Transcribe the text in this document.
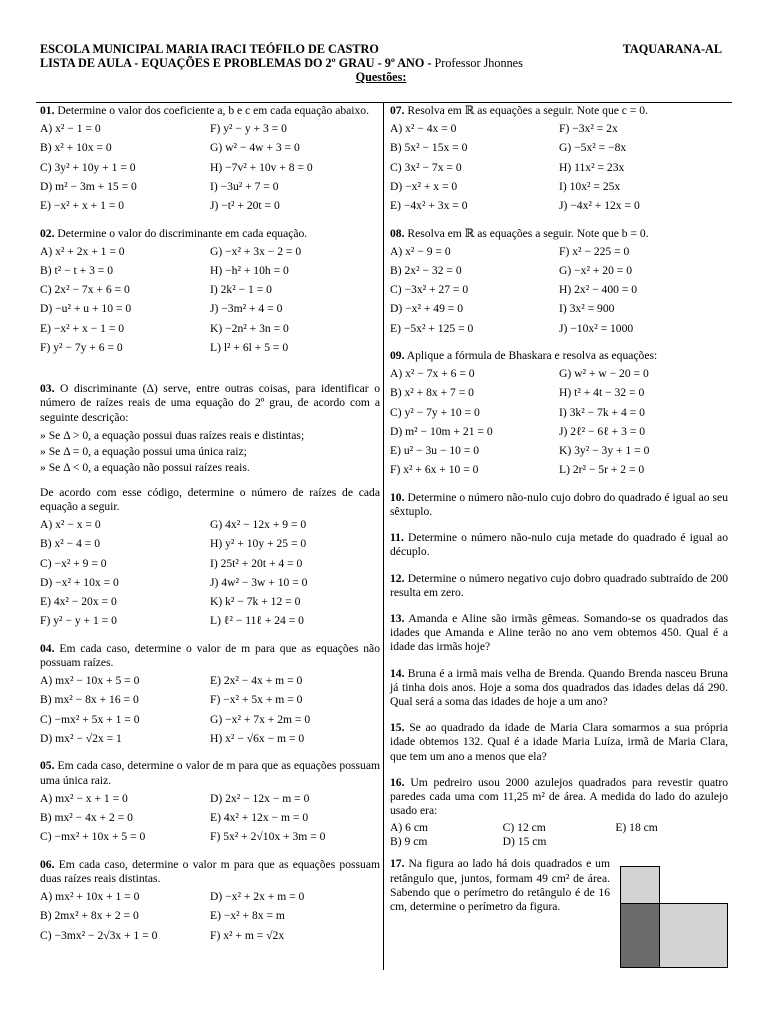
ESCOLA MUNICIPAL MARIA IRACI TEÓFILO DE CASTRO	TAQUARANA-AL
LISTA DE AULA - EQUAÇÕES E PROBLEMAS DO 2º GRAU - 9º ANO - Professor Jhonnes
Questões:
01. Determine o valor dos coeficiente a, b e c em cada equação abaixo.
A) x² − 1 = 0	F) y² − y + 3 = 0
B) x² + 10x = 0	G) w² − 4w + 3 = 0
C) 3y² + 10y + 1 = 0	H) −7v² + 10v + 8 = 0
D) m² − 3m + 15 = 0	I) −3u² + 7 = 0
E) −x² + x + 1 = 0	J) −t² + 20t = 0
02. Determine o valor do discriminante em cada equação.
A) x² + 2x + 1 = 0	G) −x² + 3x − 2 = 0
B) t² − t + 3 = 0	H) −h² + 10h = 0
C) 2x² − 7x + 6 = 0	I) 2k² − 1 = 0
D) −u² + u + 10 = 0	J) −3m² + 4 = 0
E) −x² + x − 1 = 0	K) −2n² + 3n = 0
F) y² − 7y + 6 = 0	L) l² + 6l + 5 = 0
03. O discriminante (Δ) serve, entre outras coisas, para identificar o número de raízes reais de uma equação do 2º grau, de acordo com a seguinte descrição:
» Se Δ > 0, a equação possui duas raízes reais e distintas;
» Se Δ = 0, a equação possui uma única raiz;
» Se Δ < 0, a equação não possui raízes reais.
De acordo com esse código, determine o número de raízes de cada equação a seguir.
A) x² − x = 0	G) 4x² − 12x + 9 = 0
B) x² − 4 = 0	H) y² + 10y + 25 = 0
C) −x² + 9 = 0	I) 25t² + 20t + 4 = 0
D) −x² + 10x = 0	J) 4w² − 3w + 10 = 0
E) 4x² − 20x = 0	K) k² − 7k + 12 = 0
F) y² − y + 1 = 0	L) ℓ² − 11ℓ + 24 = 0
04. Em cada caso, determine o valor de m para que as equações não possuam raízes.
A) mx² − 10x + 5 = 0	E) 2x² − 4x + m = 0
B) mx² − 8x + 16 = 0	F) −x² + 5x + m = 0
C) −mx² + 5x + 1 = 0	G) −x² + 7x + 2m = 0
D) mx² − √2x = 1	H) x² − √6x − m = 0
05. Em cada caso, determine o valor de m para que as equações possuam uma única raiz.
A) mx² − x + 1 = 0	D) 2x² − 12x − m = 0
B) mx² − 4x + 2 = 0	E) 4x² + 12x − m = 0
C) −mx² + 10x + 5 = 0	F) 5x² + 2√10x + 3m = 0
06. Em cada caso, determine o valor m para que as equações possuam duas raízes reais distintas.
A) mx² + 10x + 1 = 0	D) −x² + 2x + m = 0
B) 2mx² + 8x + 2 = 0	E) −x² + 8x = m
C) −3mx² − 2√3x + 1 = 0	F) x² + m = √2x
07. Resolva em ℝ as equações a seguir. Note que c = 0.
A) x² − 4x = 0	F) −3x² = 2x
B) 5x² − 15x = 0	G) −5x² = −8x
C) 3x² − 7x = 0	H) 11x² = 23x
D) −x² + x = 0	I) 10x² = 25x
E) −4x² + 3x = 0	J) −4x² + 12x = 0
08. Resolva em ℝ as equações a seguir. Note que b = 0.
A) x² − 9 = 0	F) x² − 225 = 0
B) 2x² − 32 = 0	G) −x² + 20 = 0
C) −3x² + 27 = 0	H) 2x² − 400 = 0
D) −x² + 49 = 0	I) 3x² = 900
E) −5x² + 125 = 0	J) −10x² = 1000
09. Aplique a fórmula de Bhaskara e resolva as equações:
A) x² − 7x + 6 = 0	G) w² + w − 20 = 0
B) x² + 8x + 7 = 0	H) t² + 4t − 32 = 0
C) y² − 7y + 10 = 0	I) 3k² − 7k + 4 = 0
D) m² − 10m + 21 = 0	J) 2ℓ² − 6ℓ + 3 = 0
E) u² − 3u − 10 = 0	K) 3y² − 3y + 1 = 0
F) x² + 6x + 10 = 0	L) 2r² − 5r + 2 = 0
10. Determine o número não-nulo cujo dobro do quadrado é igual ao seu sêxtuplo.
11. Determine o número não-nulo cuja metade do quadrado é igual ao décuplo.
12. Determine o número negativo cujo dobro quadrado subtraído de 200 resulta em zero.
13. Amanda e Aline são irmãs gêmeas. Somando-se os quadrados das idades que Amanda e Aline terão no ano vem obtemos 450. Qual é a idade das irmãs hoje?
14. Bruna é a irmã mais velha de Brenda. Quando Brenda nasceu Bruna já tinha dois anos. Hoje a soma dos quadrados das idades delas dá 290. Qual será a soma das idades de hoje a um ano?
15. Se ao quadrado da idade de Maria Clara somarmos a sua própria idade obtemos 132. Qual é a idade Maria Luíza, irmã de Maria Clara, que tem um ano a menos que ela?
16. Um pedreiro usou 2000 azulejos quadrados para revestir quatro paredes cada uma com 11,25 m² de área. A medida do lado do azulejo usado era:
A) 6 cm	C) 12 cm	E) 18 cm
B) 9 cm	D) 15 cm
17. Na figura ao lado há dois quadrados e um retângulo que, juntos, formam 49 cm² de área. Sabendo que o perímetro do retângulo é de 16 cm, determine o perímetro da figura.
